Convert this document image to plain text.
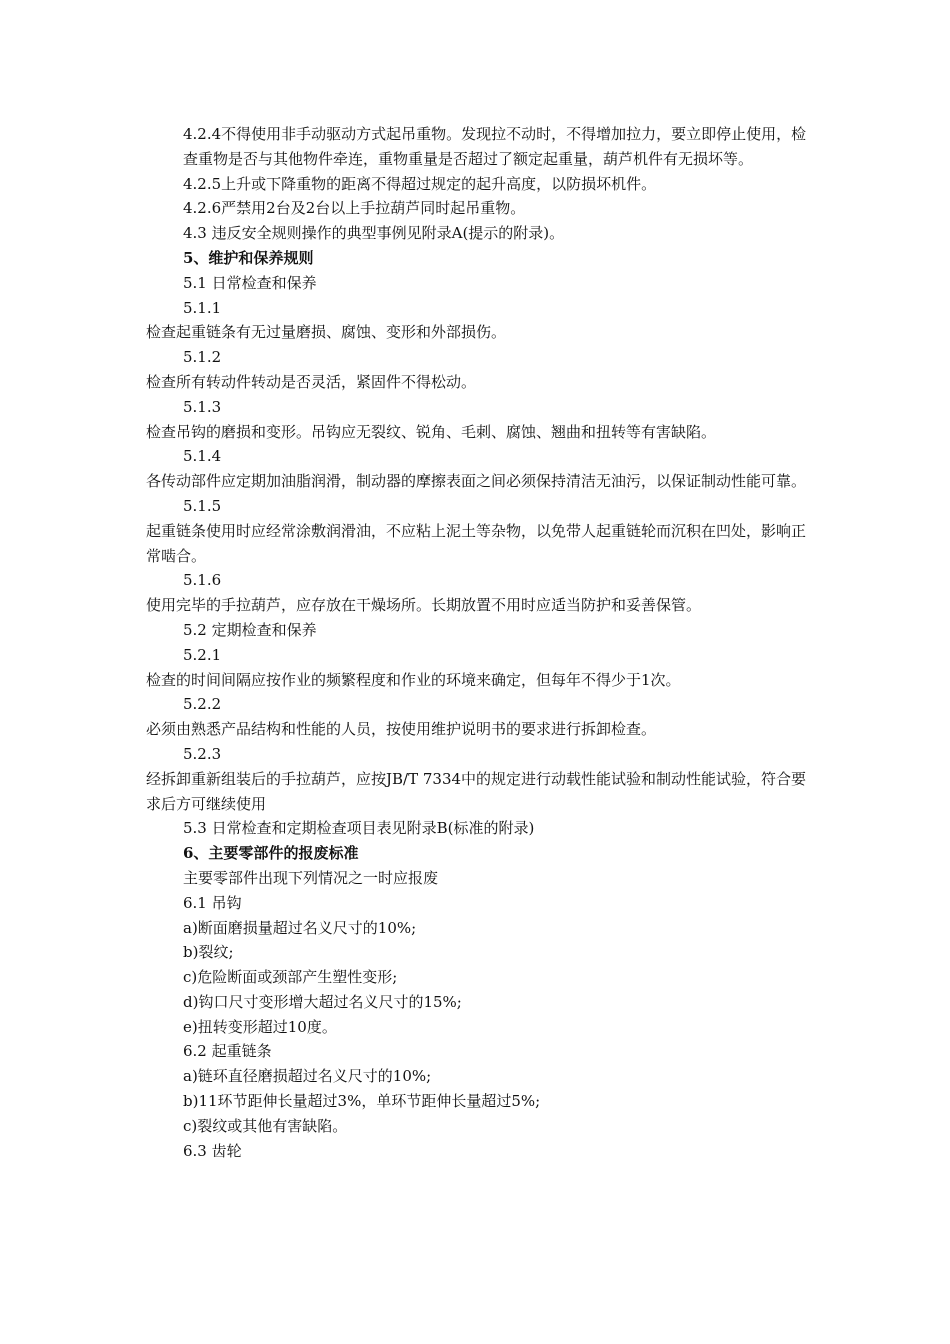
4.2.4不得使用非手动驱动方式起吊重物。发现拉不动时，不得增加拉力，要立即停止使用，检查重物是否与其他物件牵连，重物重量是否超过了额定起重量，葫芦机件有无损坏等。
4.2.5上升或下降重物的距离不得超过规定的起升高度，以防损坏机件。
4.2.6严禁用2台及2台以上手拉葫芦同时起吊重物。
4.3 违反安全规则操作的典型事例见附录A(提示的附录)。
5、维护和保养规则
5.1 日常检查和保养
5.1.1
检查起重链条有无过量磨损、腐蚀、变形和外部损伤。
5.1.2
检查所有转动件转动是否灵活，紧固件不得松动。
5.1.3
检查吊钩的磨损和变形。吊钩应无裂纹、锐角、毛刺、腐蚀、翘曲和扭转等有害缺陷。
5.1.4
各传动部件应定期加油脂润滑，制动器的摩擦表面之间必须保持清洁无油污，以保证制动性能可靠。
5.1.5
起重链条使用时应经常涂敷润滑油，不应粘上泥土等杂物，以免带人起重链轮而沉积在凹处，影响正常啮合。
5.1.6
使用完毕的手拉葫芦，应存放在干燥场所。长期放置不用时应适当防护和妥善保管。
5.2 定期检查和保养
5.2.1
检查的时间间隔应按作业的频繁程度和作业的环境来确定，但每年不得少于1次。
5.2.2
必须由熟悉产品结构和性能的人员，按使用维护说明书的要求进行拆卸检查。
5.2.3
经拆卸重新组装后的手拉葫芦，应按JB/T 7334中的规定进行动载性能试验和制动性能试验，符合要求后方可继续使用
5.3 日常检查和定期检查项目表见附录B(标准的附录)
6、主要零部件的报废标准
主要零部件出现下列情况之一时应报废
6.1 吊钩
a)断面磨损量超过名义尺寸的10%;
b)裂纹;
c)危险断面或颈部产生塑性变形;
d)钩口尺寸变形增大超过名义尺寸的15%;
e)扭转变形超过10度。
6.2 起重链条
a)链环直径磨损超过名义尺寸的10%;
b)11环节距伸长量超过3%，单环节距伸长量超过5%;
c)裂纹或其他有害缺陷。
6.3 齿轮
